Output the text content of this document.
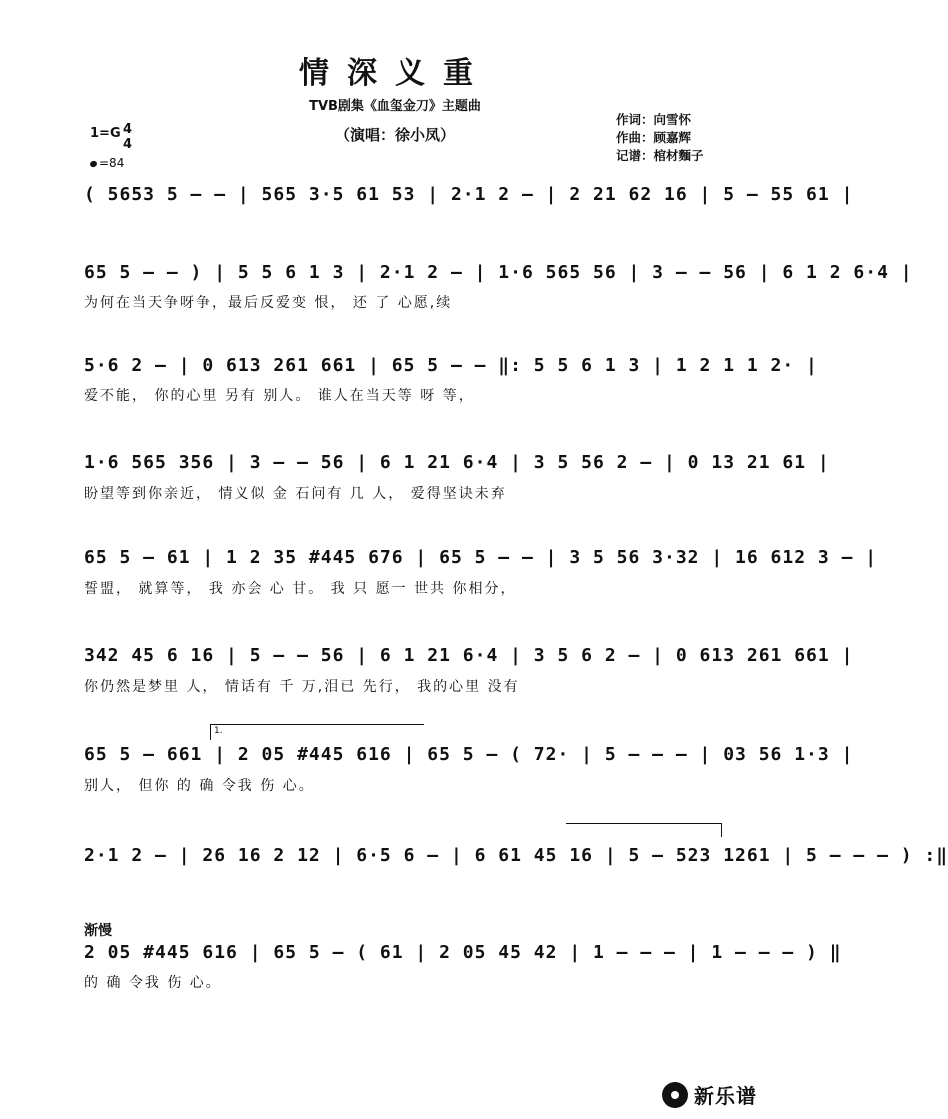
情深义重
TVB剧集《血玺金刀》主题曲
（演唱：徐小凤）
作词：向雪怀
作曲：顾嘉辉
记谱：棺材麵子
1=G 4
4
=84
( 5653 5 – – | 565 3·5 61 53 | 2·1 2 – | 2 21 62 16 | 5 – 55 61 |
65 5 – – ) | 5 5 6 1 3 | 2·1 2 – | 1·6 565 56 | 3 – – 56 | 6 1 2 6·4 |
为何在当天争呀争，最后反爱变 恨， 还 了 心愿,续
5·6 2 – | 0 613 261 661 | 65 5 – – ‖: 5 5 6 1 3 | 1 2 1 1 2· |
爱不能， 你的心里 另有 别人。 谁人在当天等 呀 等，
1·6 565 356 | 3 – – 56 | 6 1 21 6·4 | 3 5 56 2 – | 0 13 21 61 |
盼望等到你亲近， 情义似 金 石问有 几 人， 爱得坚诀未弃
65 5 – 61 | 1 2 35 #445 676 | 65 5 – – | 3 5 56 3·32 | 16 612 3 – |
誓盟， 就算等， 我 亦会 心 甘。 我 只 愿一 世共 你相分，
342 45 6 16 | 5 – – 56 | 6 1 21 6·4 | 3 5 6 2 – | 0 613 261 661 |
你仍然是梦里 人， 情话有 千 万,泪已 先行， 我的心里 没有
1.
65 5 – 661 | 2 05 #445 616 | 65 5 – ( 72· | 5 – – – | 03 56 1·3 |
别人， 但你 的 确 令我 伤 心。
2·1 2 – | 26 16 2 12 | 6·5 6 – | 6 61 45 16 | 5 – 523 1261 | 5 – – – ) :‖
渐慢
2 05 #445 616 | 65 5 – ( 61 | 2 05 45 42 | 1 – – – | 1 – – – ) ‖
的 确 令我 伤 心。
新乐谱
